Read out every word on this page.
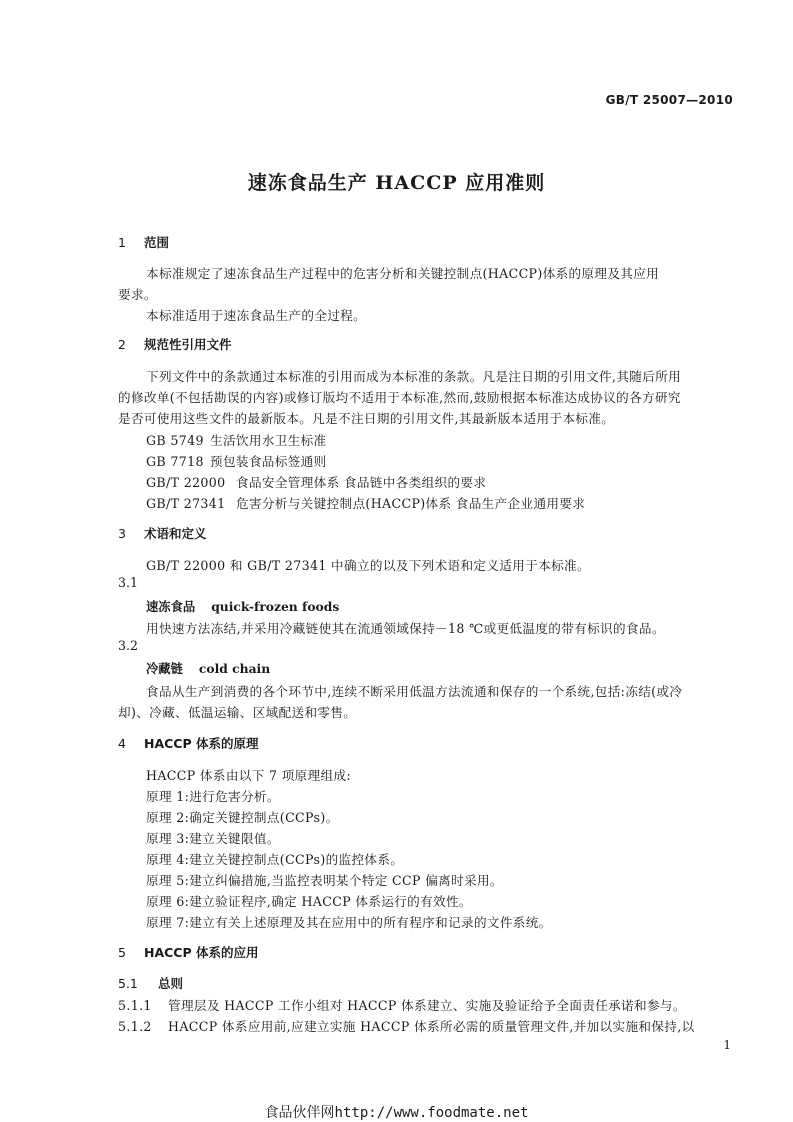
GB/T 25007—2010
速冻食品生产 HACCP 应用准则
1 范围
本标准规定了速冻食品生产过程中的危害分析和关键控制点(HACCP)体系的原理及其应用
要求。
本标准适用于速冻食品生产的全过程。
2 规范性引用文件
下列文件中的条款通过本标准的引用而成为本标准的条款。凡是注日期的引用文件,其随后所用
的修改单(不包括勘误的内容)或修订版均不适用于本标准,然而,鼓励根据本标准达成协议的各方研究
是否可使用这些文件的最新版本。凡是不注日期的引用文件,其最新版本适用于本标准。
GB 5749 生活饮用水卫生标准
GB 7718 预包装食品标签通则
GB/T 22000 食品安全管理体系 食品链中各类组织的要求
GB/T 27341 危害分析与关键控制点(HACCP)体系 食品生产企业通用要求
3 术语和定义
GB/T 22000 和 GB/T 27341 中确立的以及下列术语和定义适用于本标准。
3.1
速冻食品 quick-frozen foods
用快速方法冻结,并采用冷藏链使其在流通领域保持－18 ℃或更低温度的带有标识的食品。
3.2
冷藏链 cold chain
食品从生产到消费的各个环节中,连续不断采用低温方法流通和保存的一个系统,包括:冻结(或冷
却)、冷藏、低温运输、区域配送和零售。
4 HACCP 体系的原理
HACCP 体系由以下 7 项原理组成:
原理 1:进行危害分析。
原理 2:确定关键控制点(CCPs)。
原理 3:建立关键限值。
原理 4:建立关键控制点(CCPs)的监控体系。
原理 5:建立纠偏措施,当监控表明某个特定 CCP 偏离时采用。
原理 6:建立验证程序,确定 HACCP 体系运行的有效性。
原理 7:建立有关上述原理及其在应用中的所有程序和记录的文件系统。
5 HACCP 体系的应用
5.1 总则
5.1.1 管理层及 HACCP 工作小组对 HACCP 体系建立、实施及验证给予全面责任承诺和参与。
5.1.2 HACCP 体系应用前,应建立实施 HACCP 体系所必需的质量管理文件,并加以实施和保持,以
1
食品伙伴网http://www.foodmate.net
